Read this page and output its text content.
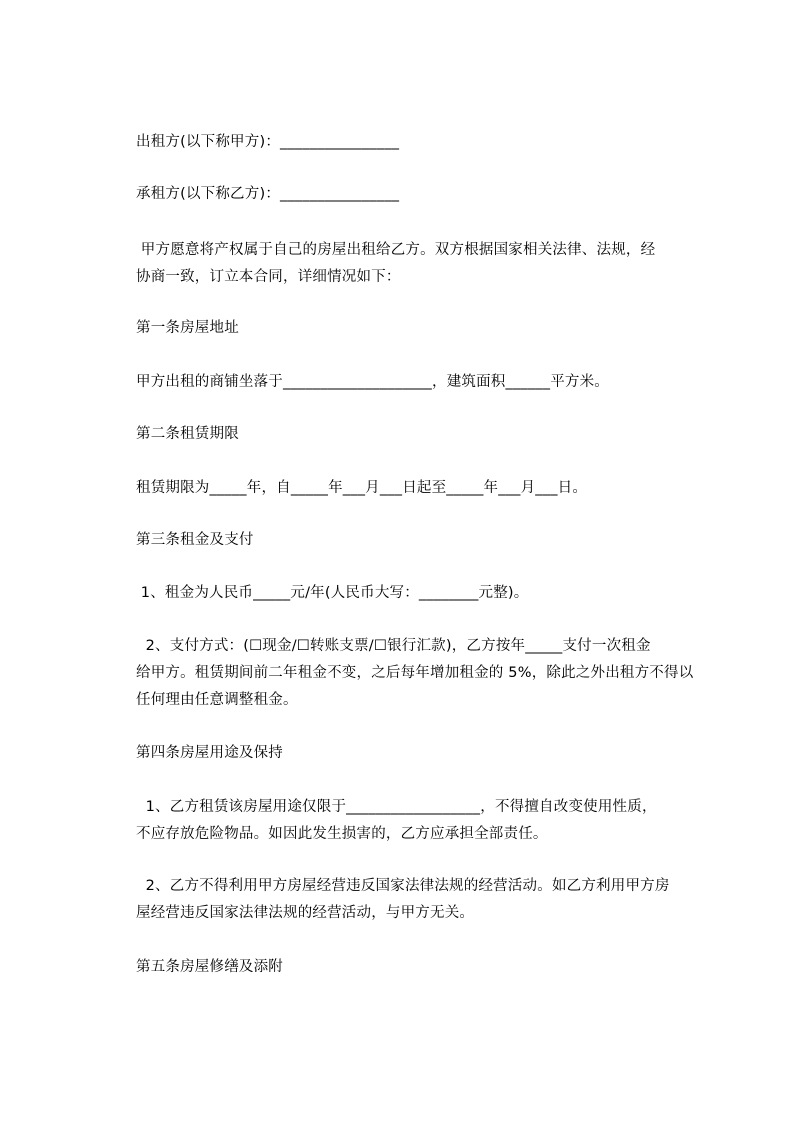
出租方(以下称甲方)：________________
承租方(以下称乙方)：________________
甲方愿意将产权属于自己的房屋出租给乙方。双方根据国家相关法律、法规，经
协商一致，订立本合同，详细情况如下：
第一条房屋地址
甲方出租的商铺坐落于____________________，建筑面积______平方米。
第二条租赁期限
租赁期限为_____年，自_____年___月___日起至_____年___月___日。
第三条租金及支付
1、租金为人民币_____元/年(人民币大写：________元整)。
2、支付方式：(☐现金/☐转账支票/☐银行汇款)，乙方按年_____支付一次租金
给甲方。租赁期间前二年租金不变，之后每年增加租金的 5%，除此之外出租方不得以
任何理由任意调整租金。
第四条房屋用途及保持
1、乙方租赁该房屋用途仅限于__________________，不得擅自改变使用性质，
不应存放危险物品。如因此发生损害的，乙方应承担全部责任。
2、乙方不得利用甲方房屋经营违反国家法律法规的经营活动。如乙方利用甲方房
屋经营违反国家法律法规的经营活动，与甲方无关。
第五条房屋修缮及添附
